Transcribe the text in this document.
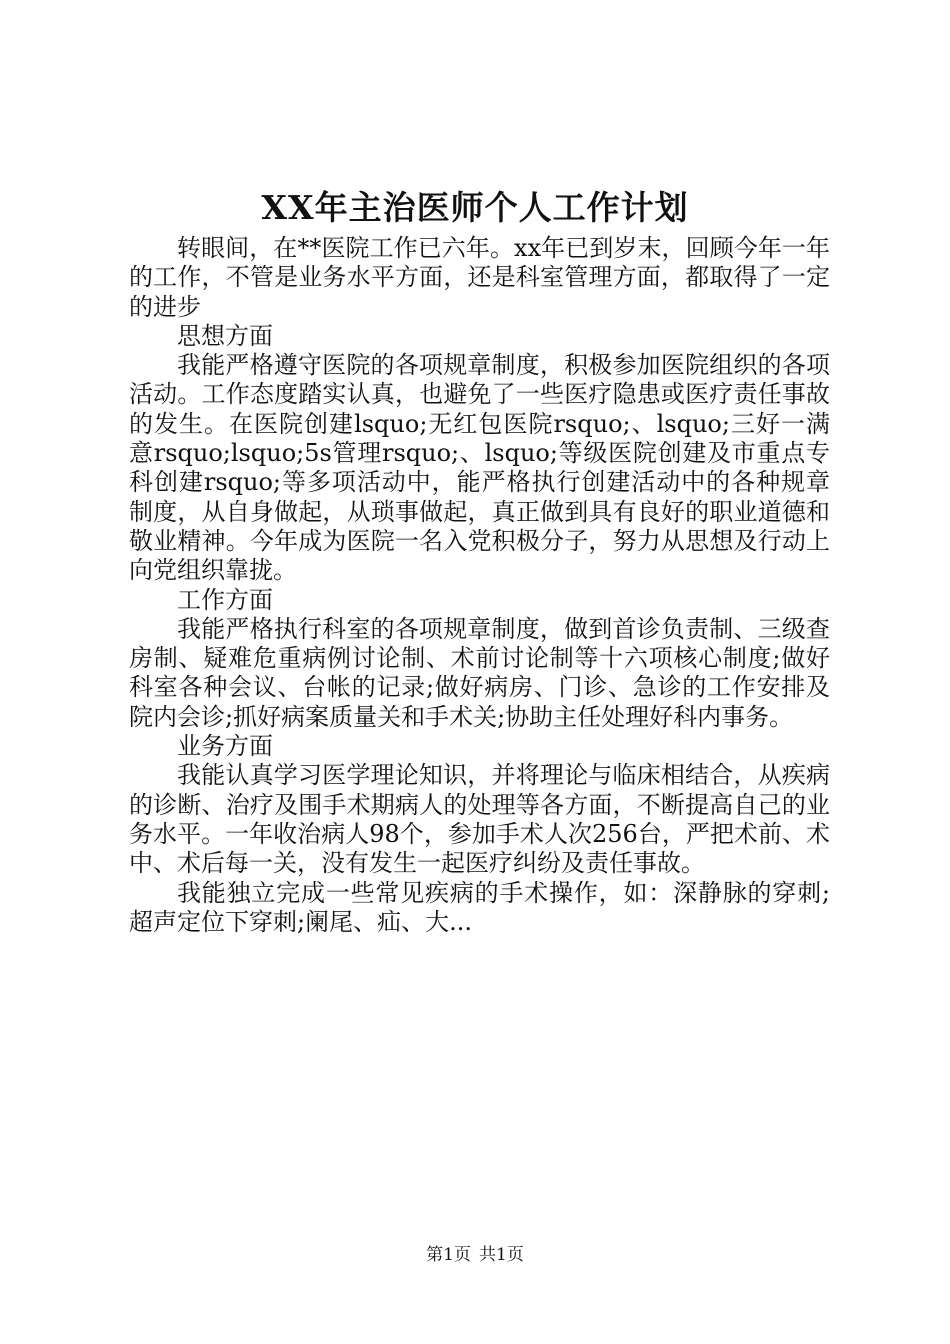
XX年主治医师个人工作计划

转眼间，在**医院工作已六年。xx年已到岁末，回顾今年一年的工作，不管是业务水平方面，还是科室管理方面，都取得了一定的进步

思想方面

我能严格遵守医院的各项规章制度，积极参加医院组织的各项活动。工作态度踏实认真，也避免了一些医疗隐患或医疗责任事故的发生。在医院创建lsquo;无红包医院rsquo;、lsquo;三好一满意rsquo;lsquo;5s管理rsquo;、lsquo;等级医院创建及市重点专科创建rsquo;等多项活动中，能严格执行创建活动中的各种规章制度，从自身做起，从琐事做起，真正做到具有良好的职业道德和敬业精神。今年成为医院一名入党积极分子，努力从思想及行动上向党组织靠拢。

工作方面

我能严格执行科室的各项规章制度，做到首诊负责制、三级查房制、疑难危重病例讨论制、术前讨论制等十六项核心制度;做好科室各种会议、台帐的记录;做好病房、门诊、急诊的工作安排及院内会诊;抓好病案质量关和手术关;协助主任处理好科内事务。

业务方面

我能认真学习医学理论知识，并将理论与临床相结合，从疾病的诊断、治疗及围手术期病人的处理等各方面，不断提高自己的业务水平。一年收治病人98个，参加手术人次256台，严把术前、术中、术后每一关，没有发生一起医疗纠纷及责任事故。

我能独立完成一些常见疾病的手术操作，如：深静脉的穿刺;超声定位下穿刺;阑尾、疝、大...

第1页 共1页
